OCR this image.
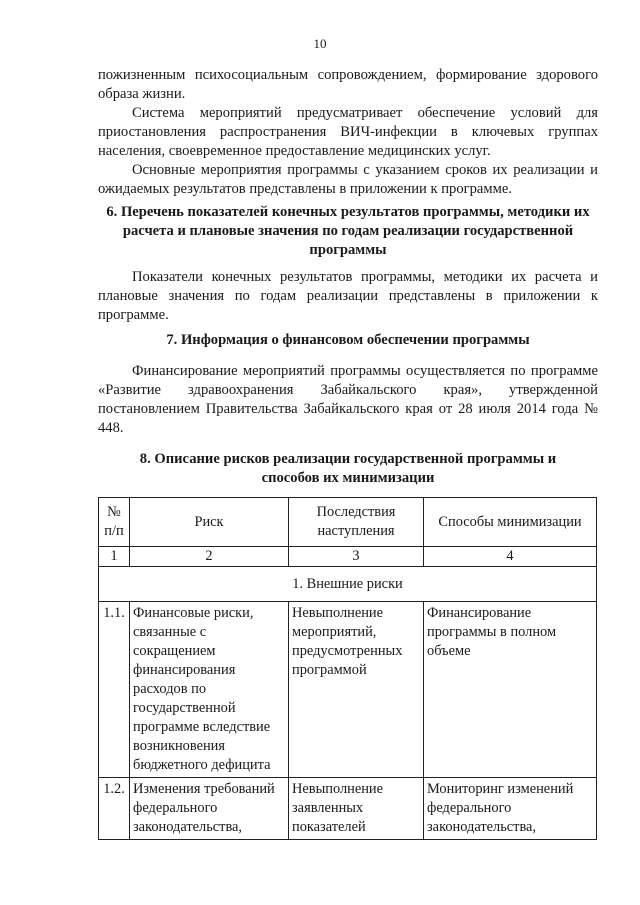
10

пожизненным психосоциальным сопровождением, формирование здорового образа жизни.

Система мероприятий предусматривает обеспечение условий для приостановления распространения ВИЧ-инфекции в ключевых группах населения, своевременное предоставление медицинских услуг.

Основные мероприятия программы с указанием сроков их реализации и ожидаемых результатов представлены в приложении к программе.

6. Перечень показателей конечных результатов программы, методики их расчета и плановые значения по годам реализации государственной программы

Показатели конечных результатов программы, методики их расчета и плановые значения по годам реализации представлены в приложении к программе.

7. Информация о финансовом обеспечении программы

Финансирование мероприятий программы осуществляется по программе «Развитие здравоохранения Забайкальского края», утвержденной постановлением Правительства Забайкальского края от 28 июля 2014 года № 448.

8. Описание рисков реализации государственной программы и способов их минимизации
№ п/п	Риск	Последствия наступления	Способы минимизации
1	2	3	4
1. Внешние риски			
1.1.	Финансовые риски, связанные с сокращением финансирования расходов по государственной программе вследствие возникновения бюджетного дефицита	Невыполнение мероприятий, предусмотренных программой	Финансирование программы в полном объеме
1.2.	Изменения требований федерального законодательства,	Невыполнение заявленных показателей	Мониторинг изменений федерального законодательства,
